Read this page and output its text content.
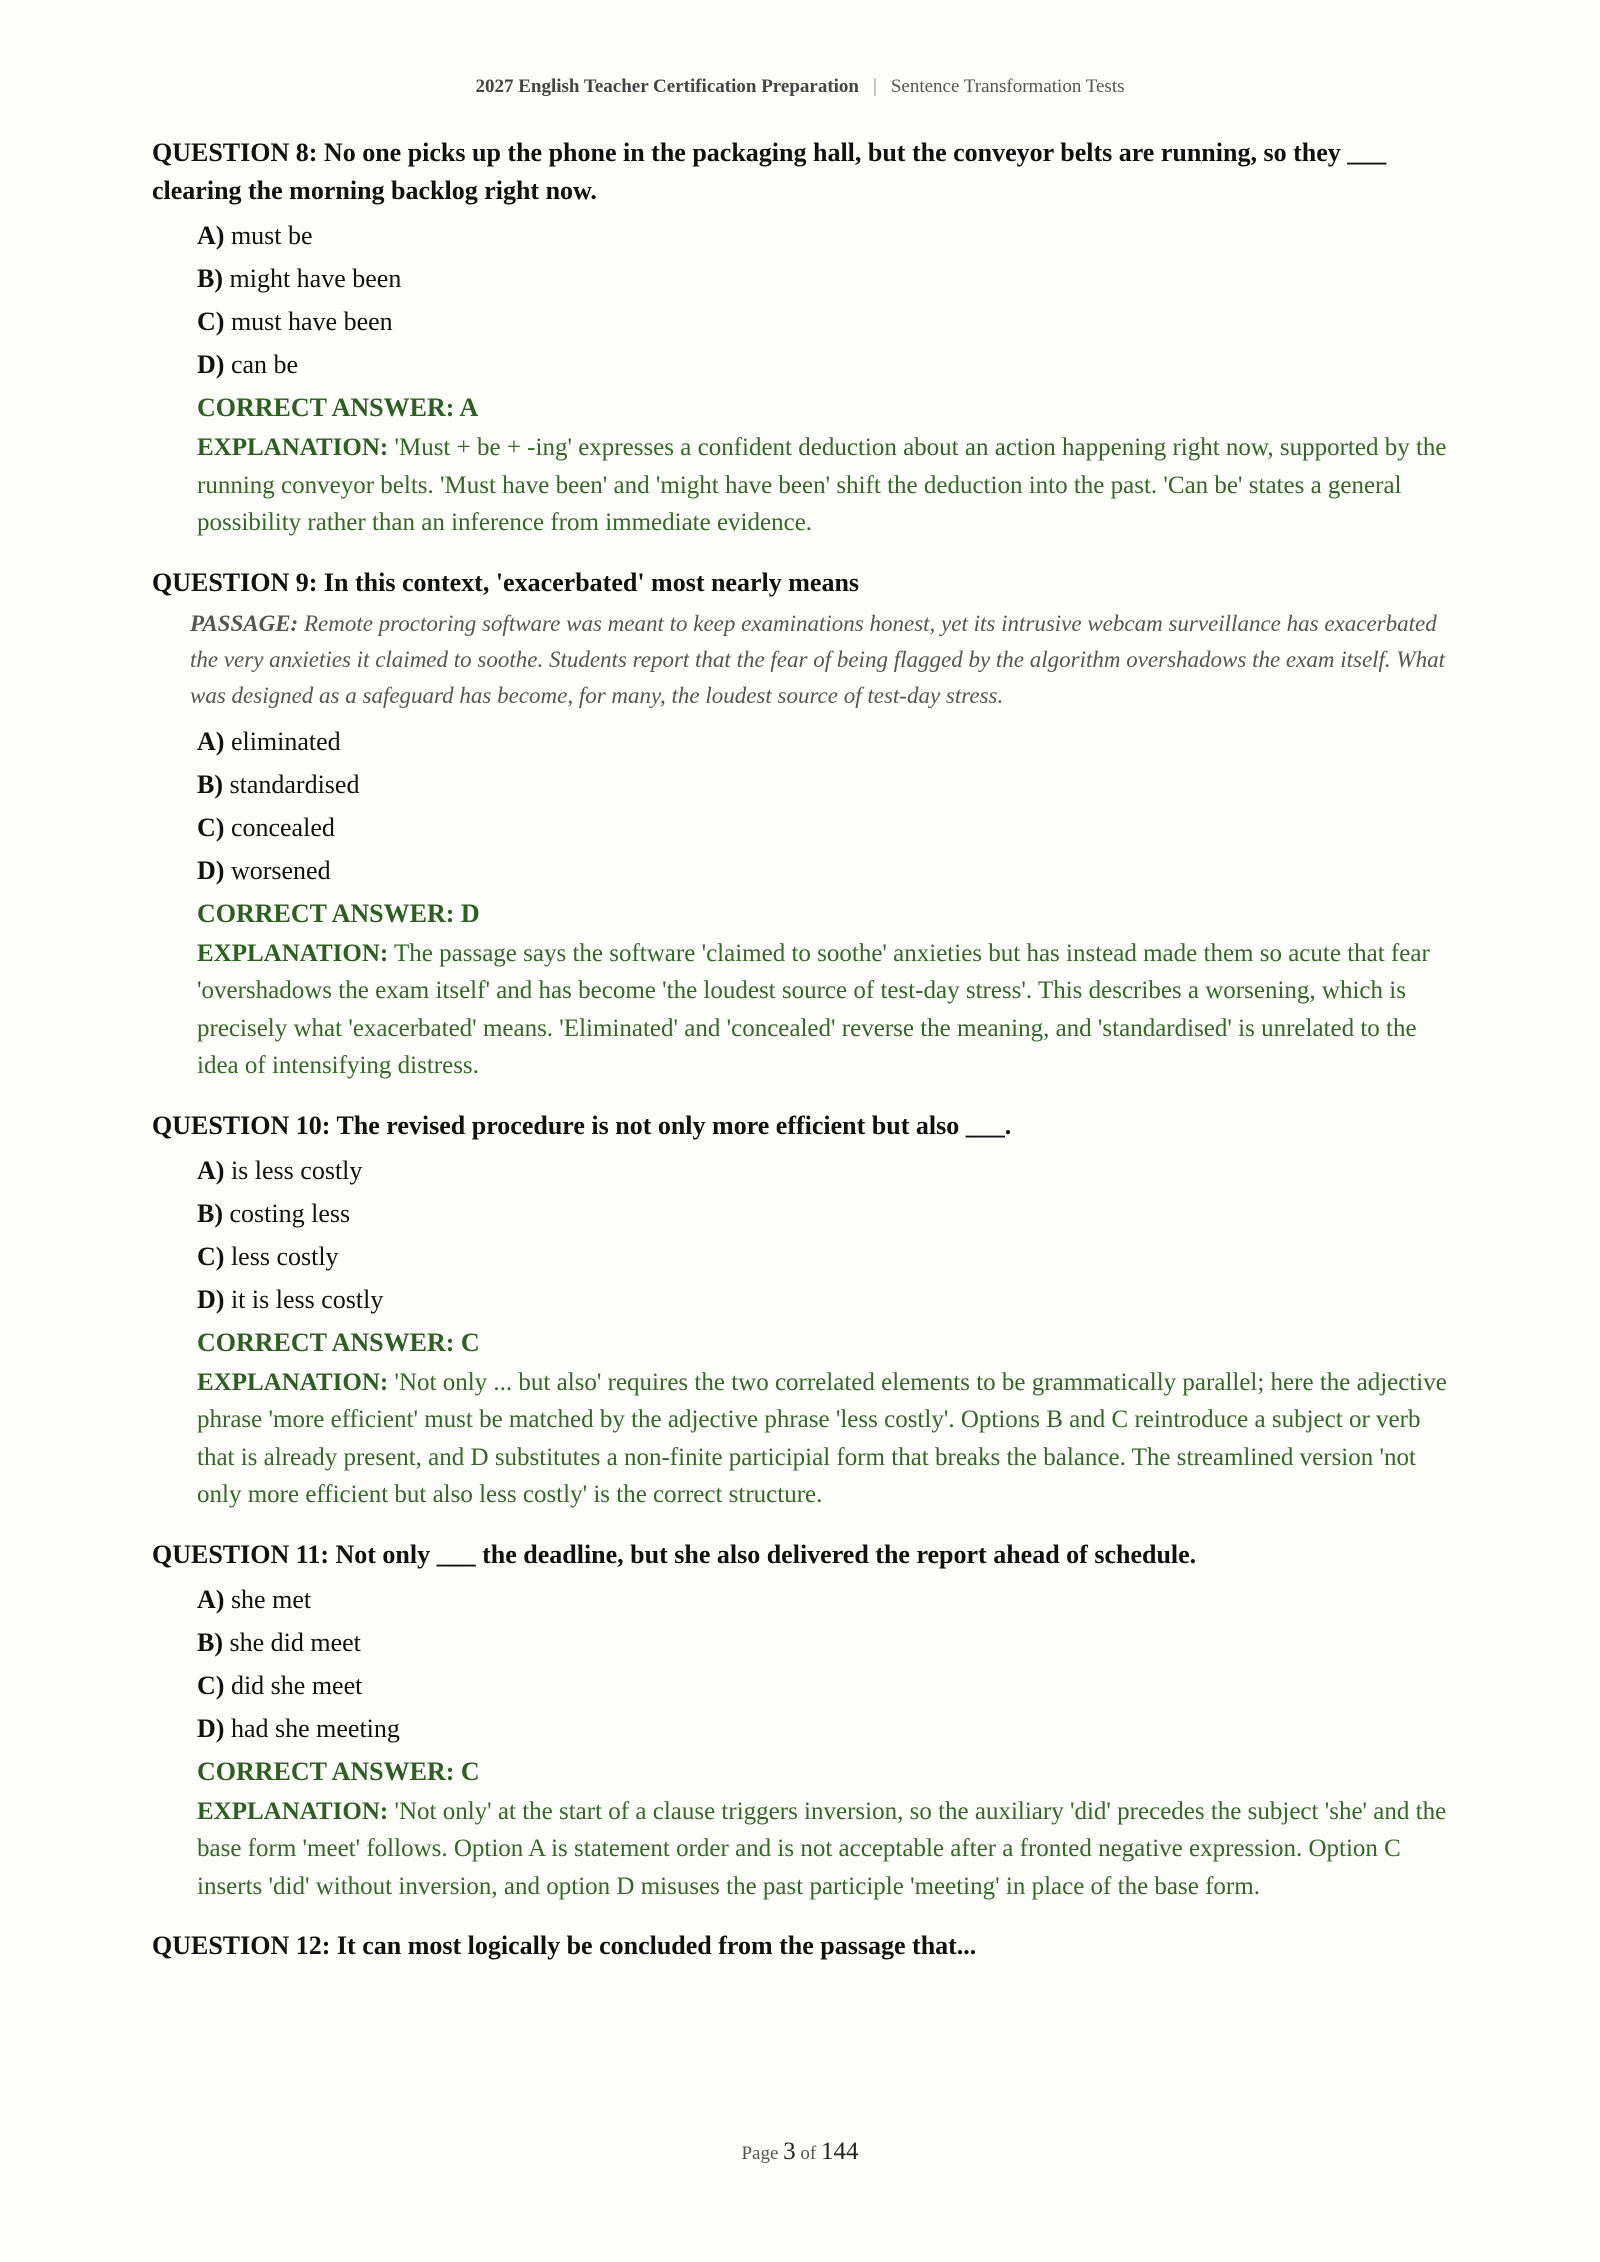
2027 English Teacher Certification Preparation | Sentence Transformation Tests
QUESTION 8: No one picks up the phone in the packaging hall, but the conveyor belts are running, so they ___ clearing the morning backlog right now.
A) must be
B) might have been
C) must have been
D) can be
CORRECT ANSWER: A
EXPLANATION: 'Must + be + -ing' expresses a confident deduction about an action happening right now, supported by the running conveyor belts. 'Must have been' and 'might have been' shift the deduction into the past. 'Can be' states a general possibility rather than an inference from immediate evidence.
QUESTION 9: In this context, 'exacerbated' most nearly means
PASSAGE: Remote proctoring software was meant to keep examinations honest, yet its intrusive webcam surveillance has exacerbated the very anxieties it claimed to soothe. Students report that the fear of being flagged by the algorithm overshadows the exam itself. What was designed as a safeguard has become, for many, the loudest source of test-day stress.
A) eliminated
B) standardised
C) concealed
D) worsened
CORRECT ANSWER: D
EXPLANATION: The passage says the software 'claimed to soothe' anxieties but has instead made them so acute that fear 'overshadows the exam itself' and has become 'the loudest source of test-day stress'. This describes a worsening, which is precisely what 'exacerbated' means. 'Eliminated' and 'concealed' reverse the meaning, and 'standardised' is unrelated to the idea of intensifying distress.
QUESTION 10: The revised procedure is not only more efficient but also ___.
A) is less costly
B) costing less
C) less costly
D) it is less costly
CORRECT ANSWER: C
EXPLANATION: 'Not only ... but also' requires the two correlated elements to be grammatically parallel; here the adjective phrase 'more efficient' must be matched by the adjective phrase 'less costly'. Options B and C reintroduce a subject or verb that is already present, and D substitutes a non-finite participial form that breaks the balance. The streamlined version 'not only more efficient but also less costly' is the correct structure.
QUESTION 11: Not only ___ the deadline, but she also delivered the report ahead of schedule.
A) she met
B) she did meet
C) did she meet
D) had she meeting
CORRECT ANSWER: C
EXPLANATION: 'Not only' at the start of a clause triggers inversion, so the auxiliary 'did' precedes the subject 'she' and the base form 'meet' follows. Option A is statement order and is not acceptable after a fronted negative expression. Option C inserts 'did' without inversion, and option D misuses the past participle 'meeting' in place of the base form.
QUESTION 12: It can most logically be concluded from the passage that...
Page 3 of 144
